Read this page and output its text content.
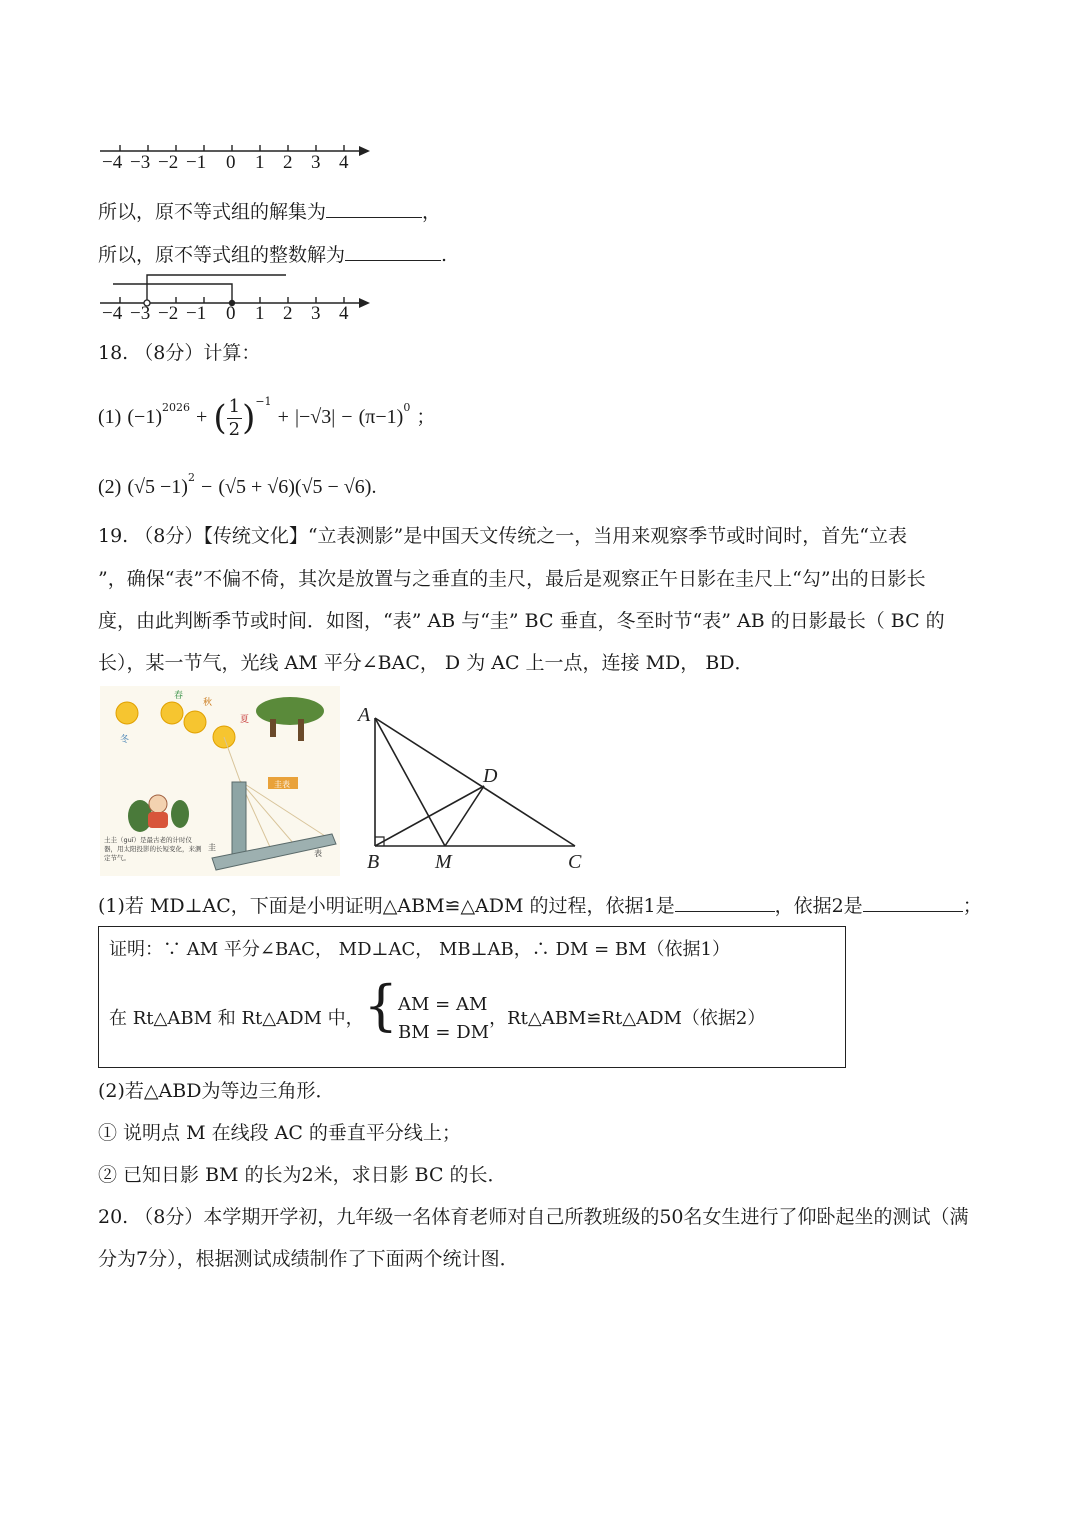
−4 −3 −2 −1 0 1 2 3 4
所以，原不等式组的解集为	，
所以，原不等式组的整数解为	.
−4 −3 −2 −1 0 1 2 3 4
18. （8分）计算：
(1) $(-1)^{2026}$ + ( $\frac{1}{2} )^{-1} + |-√3| - (\pi-1)^0$ ；
(2) $(√5 -1)^2 - (√5 + √6)(√5 - √6)$.
19. （8分）【传统文化】“立表测影”是中国天文传统之一，当用来观察季节或时间时，首先“立表
”，确保“表”不偏不倚，其次是放置与之垂直的圭尺，最后是观察正午日影在圭尺上“勾”出的日影长
度，由此判断季节或时间．如图，“表” AB 与“圭” BC 垂直，冬至时节“表” AB 的日影最长（ BC 的
长），某一节气，光线 AM 平分∠BAC， D 为 AC 上一点，连接 MD， BD．
春
秋
夏
冬
圭表
圭
表
土圭（guī）是最古老的计时仪器，用太阳投影的长短变化，来测定节气。
A
B	C
D
M
(1)若 MD⊥AC，下面是小明证明△ABM≌△ADM 的过程，依据1是	，依据2是	；
证明：∵ AM 平分∠BAC， MD⊥AC， MB⊥AB，∴ DM = BM（依据1）
在 Rt△ABM 和 Rt△ADM 中，{ AM = AM
BM = DM
，Rt△ABM≌Rt△ADM（依据2）
(2)若△ABD为等边三角形．
① 说明点 M 在线段 AC 的垂直平分线上；
② 已知日影 BM 的长为2米，求日影 BC 的长．
20. （8分）本学期开学初，九年级一名体育老师对自己所教班级的50名女生进行了仰卧起坐的测试（满
分为7分），根据测试成绩制作了下面两个统计图．
